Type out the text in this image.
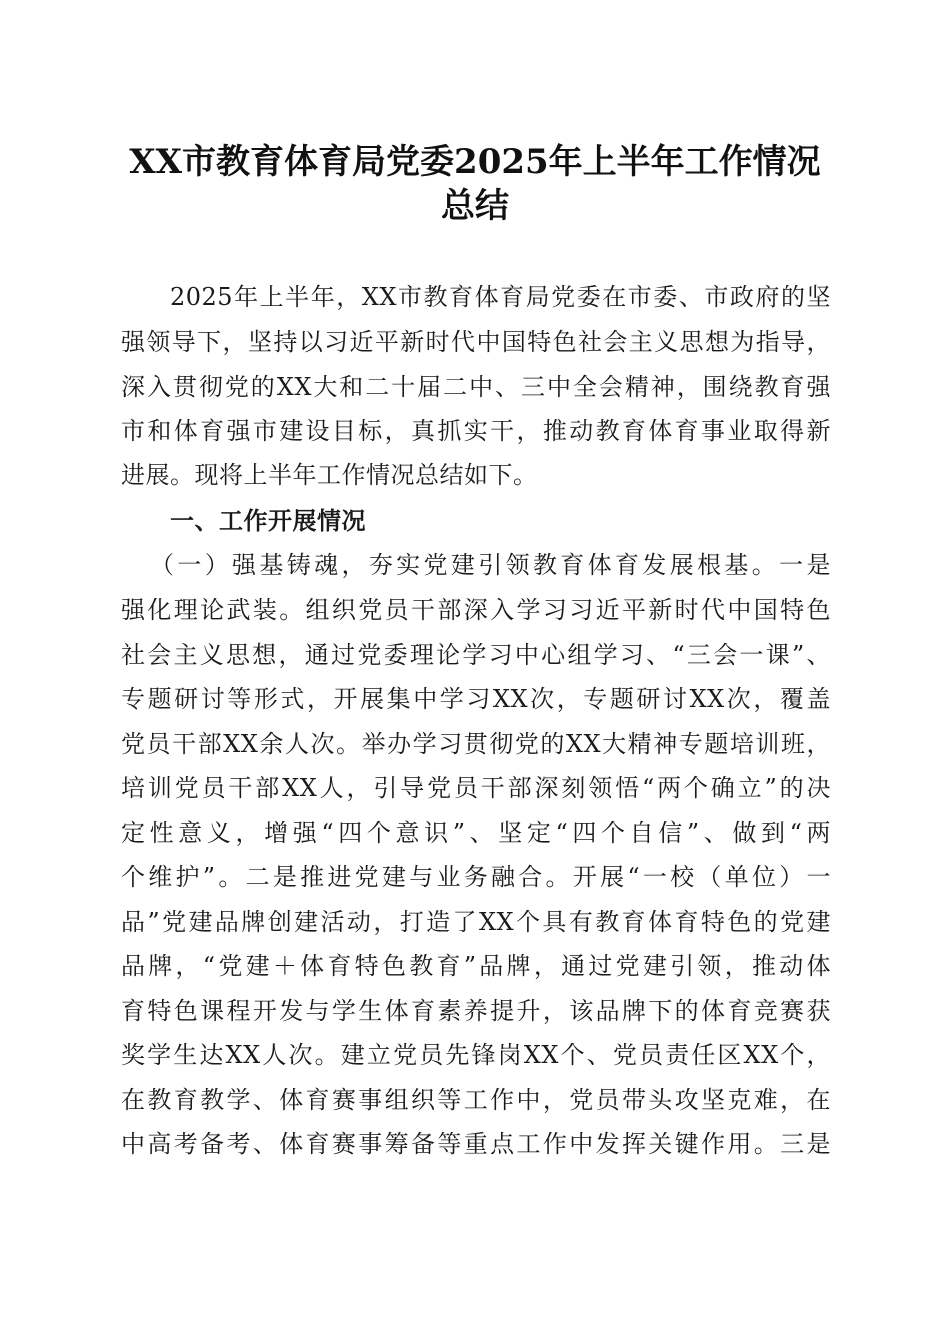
XX市教育体育局党委2025年上半年工作情况
总结
2025年上半年，XX市教育体育局党委在市委、市政府的坚
强领导下，坚持以习近平新时代中国特色社会主义思想为指导，
深入贯彻党的XX大和二十届二中、三中全会精神，围绕教育强
市和体育强市建设目标，真抓实干，推动教育体育事业取得新
进展。现将上半年工作情况总结如下。
一、工作开展情况
（一）强基铸魂，夯实党建引领教育体育发展根基。一是
强化理论武装。组织党员干部深入学习习近平新时代中国特色
社会主义思想，通过党委理论学习中心组学习、“三会一课”、
专题研讨等形式，开展集中学习XX次，专题研讨XX次，覆盖
党员干部XX余人次。举办学习贯彻党的XX大精神专题培训班，
培训党员干部XX人，引导党员干部深刻领悟“两个确立”的决
定性意义，增强“四个意识”、坚定“四个自信”、做到“两
个维护”。二是推进党建与业务融合。开展“一校（单位）一
品”党建品牌创建活动，打造了XX个具有教育体育特色的党建
品牌，“党建＋体育特色教育”品牌，通过党建引领，推动体
育特色课程开发与学生体育素养提升，该品牌下的体育竞赛获
奖学生达XX人次。建立党员先锋岗XX个、党员责任区XX个，
在教育教学、体育赛事组织等工作中，党员带头攻坚克难，在
中高考备考、体育赛事筹备等重点工作中发挥关键作用。三是
